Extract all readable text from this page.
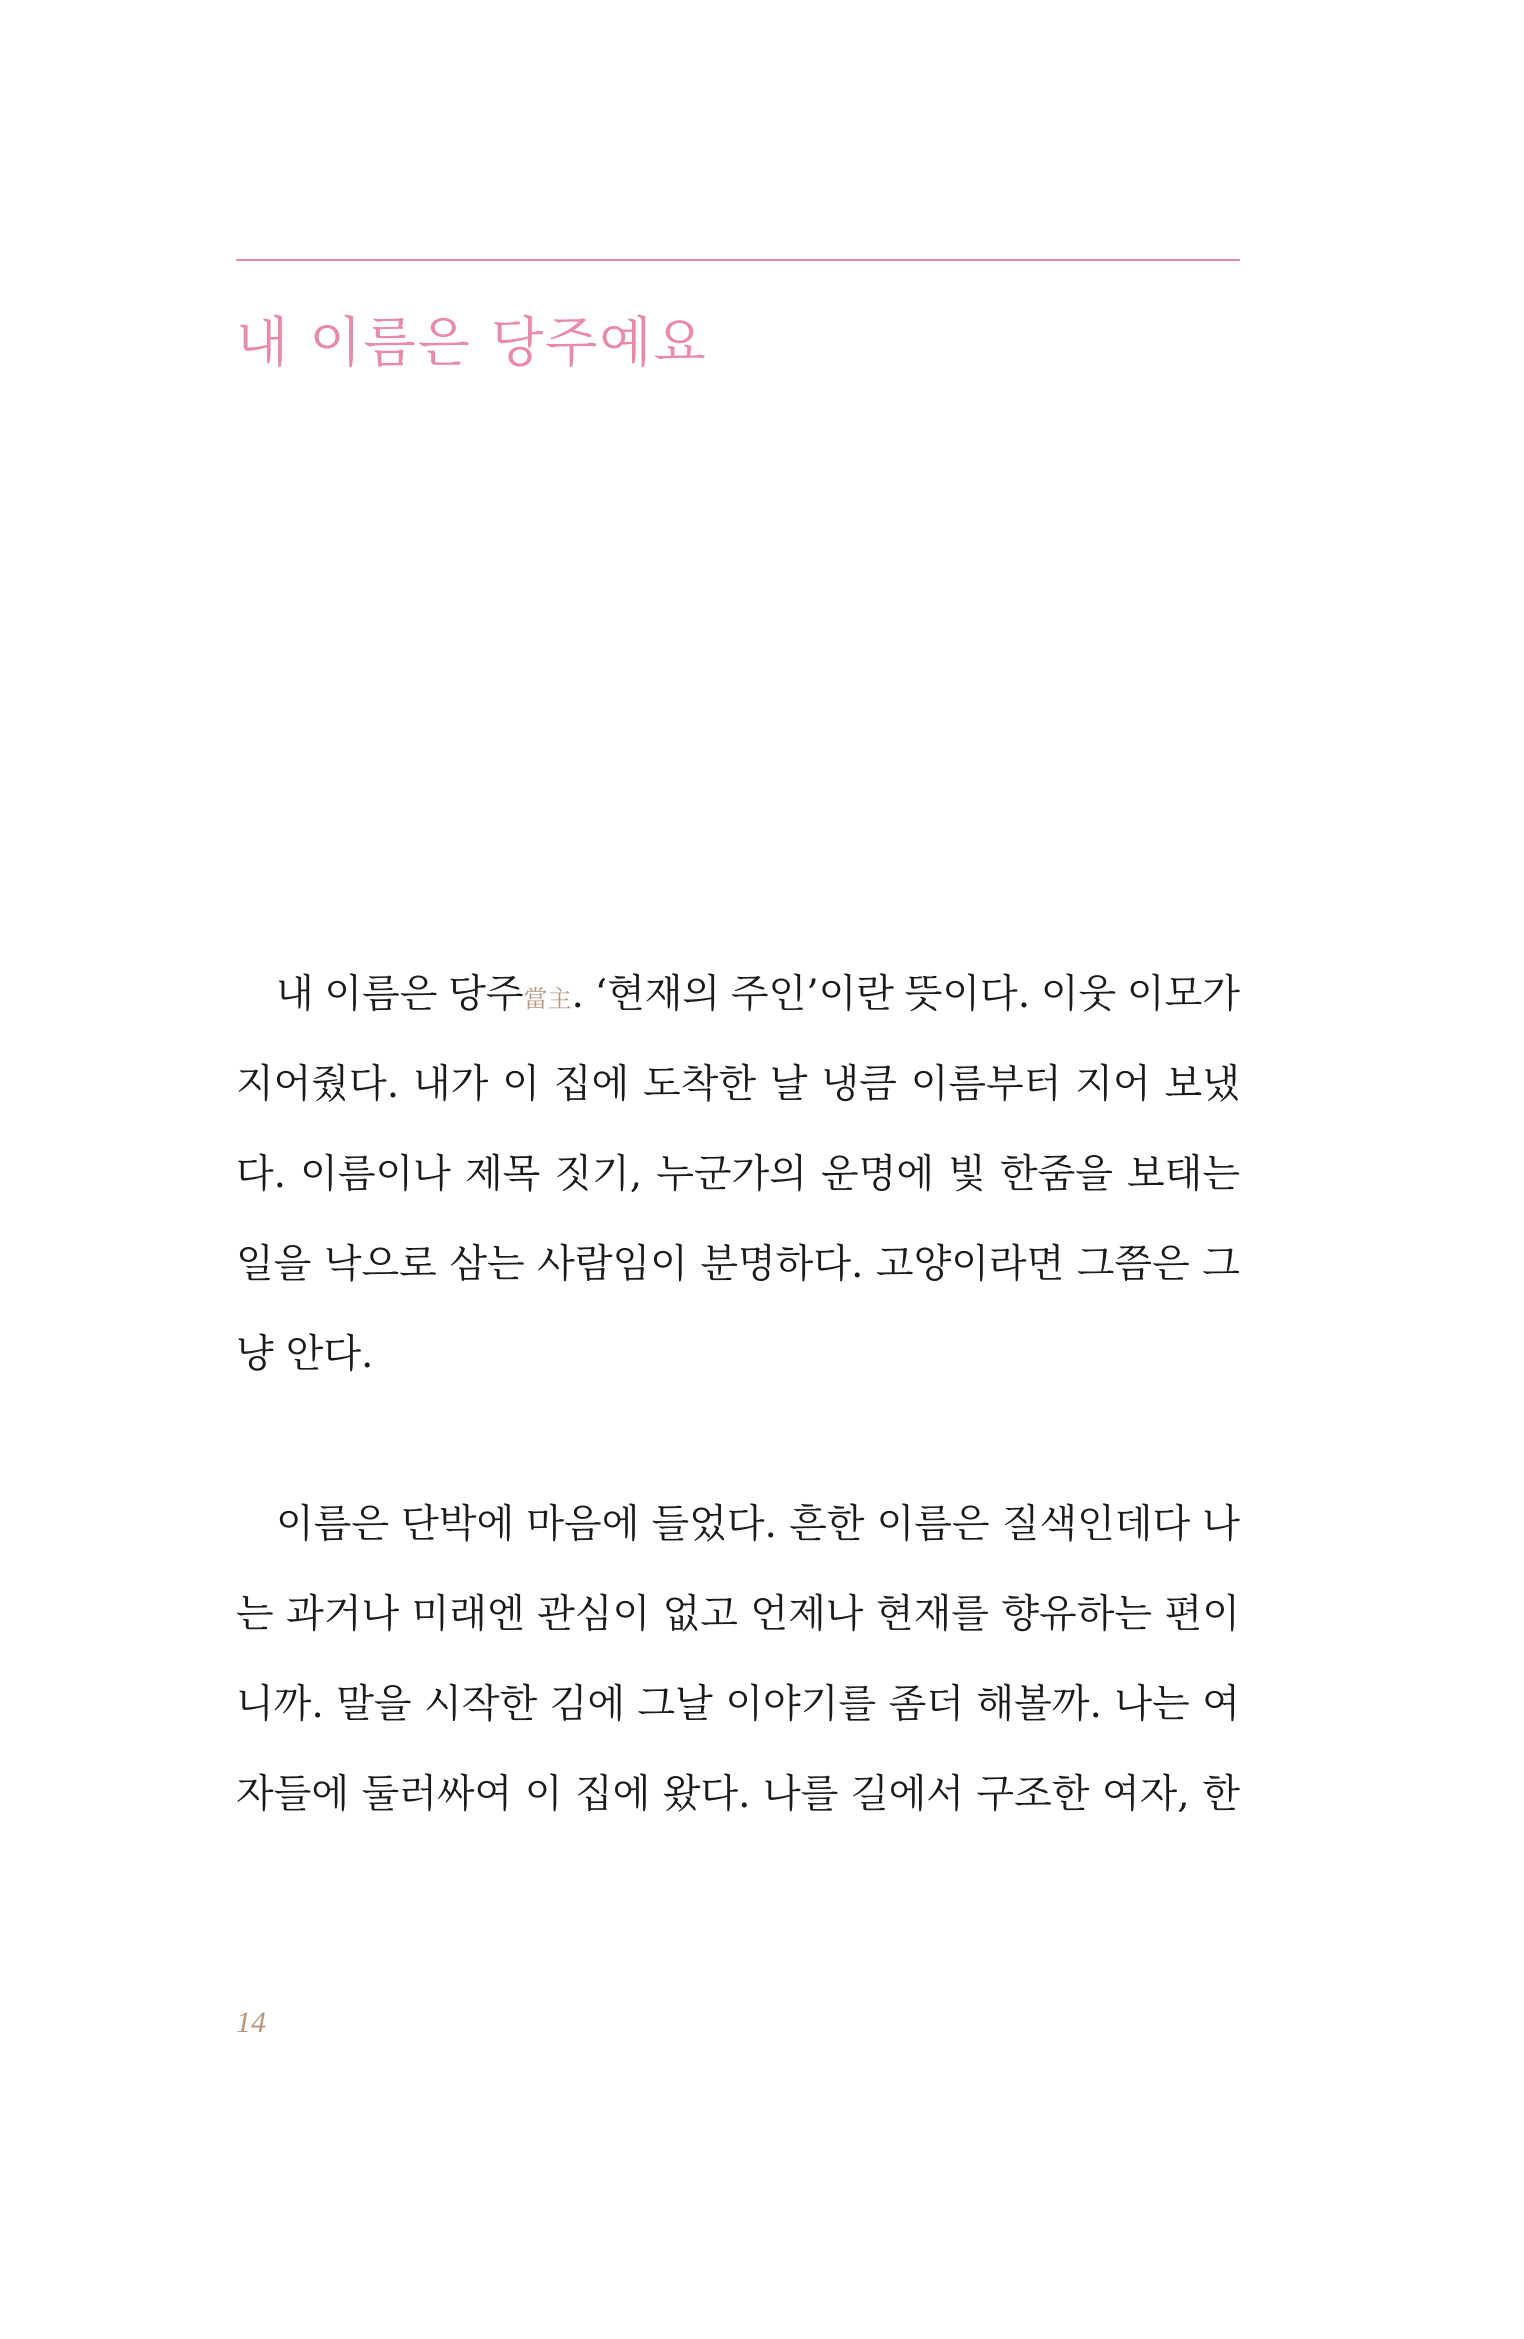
내 이름은 당주예요
내 이름은 당주當主. ‘현재의 주인’이란 뜻이다. 이웃 이모가
지어줬다. 내가 이 집에 도착한 날 냉큼 이름부터 지어 보냈
다. 이름이나 제목 짓기, 누군가의 운명에 빛 한줌을 보태는
일을 낙으로 삼는 사람임이 분명하다. 고양이라면 그쯤은 그
냥 안다.
이름은 단박에 마음에 들었다. 흔한 이름은 질색인데다 나
는 과거나 미래엔 관심이 없고 언제나 현재를 향유하는 편이
니까. 말을 시작한 김에 그날 이야기를 좀더 해볼까. 나는 여
자들에 둘러싸여 이 집에 왔다. 나를 길에서 구조한 여자, 한
14
